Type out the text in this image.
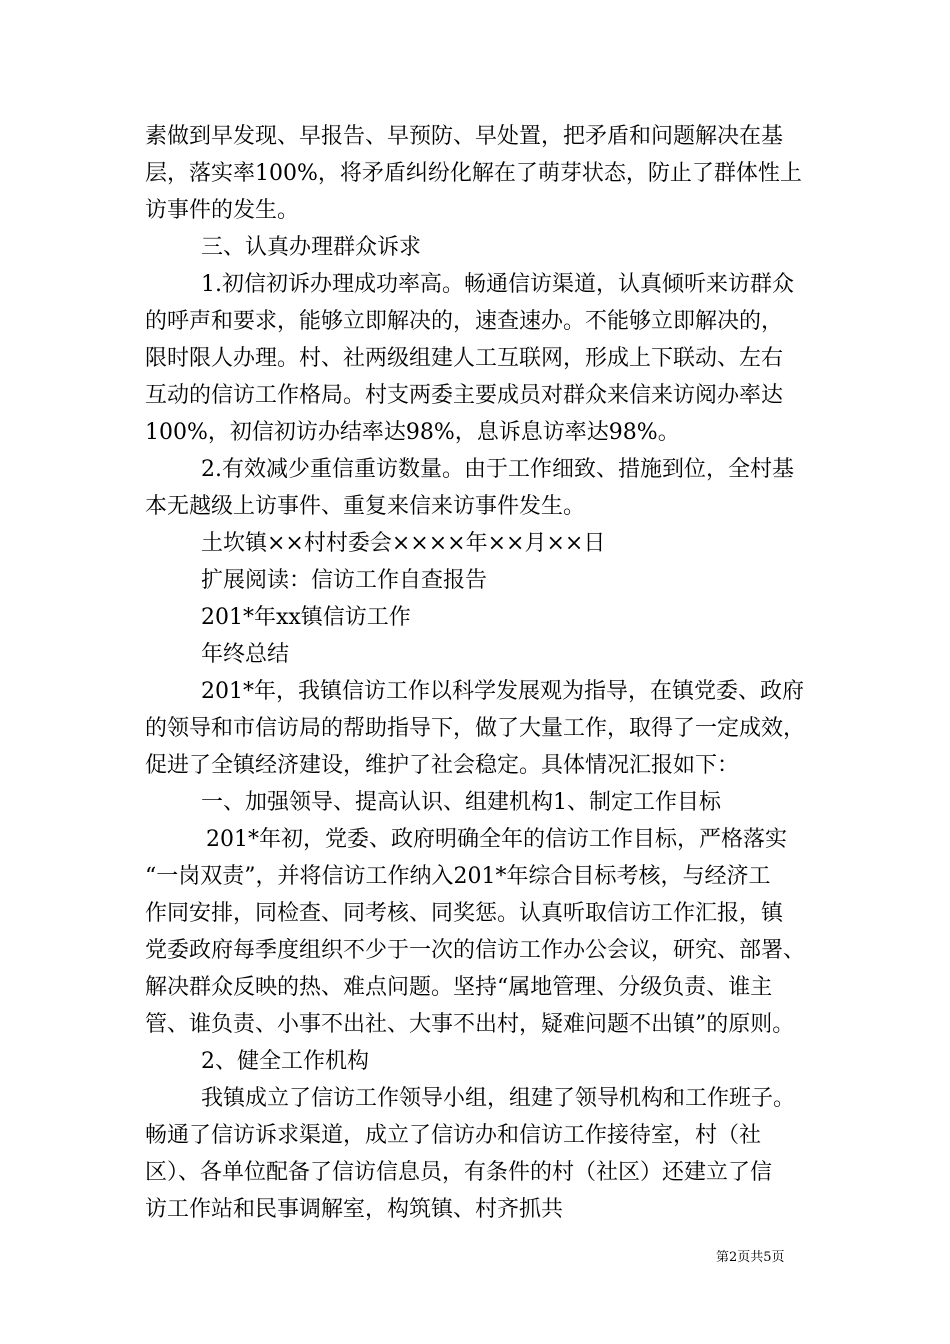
素做到早发现、早报告、早预防、早处置，把矛盾和问题解决在基
层，落实率100%，将矛盾纠纷化解在了萌芽状态，防止了群体性上
访事件的发生。
三、认真办理群众诉求
1.初信初诉办理成功率高。畅通信访渠道，认真倾听来访群众
的呼声和要求，能够立即解决的，速查速办。不能够立即解决的，
限时限人办理。村、社两级组建人工互联网，形成上下联动、左右
互动的信访工作格局。村支两委主要成员对群众来信来访阅办率达
100%，初信初访办结率达98%，息诉息访率达98%。
2.有效减少重信重访数量。由于工作细致、措施到位，全村基
本无越级上访事件、重复来信来访事件发生。
土坎镇××村村委会××××年××月××日
扩展阅读：信访工作自查报告
201*年xx镇信访工作
年终总结
201*年，我镇信访工作以科学发展观为指导，在镇党委、政府
的领导和市信访局的帮助指导下，做了大量工作，取得了一定成效，
促进了全镇经济建设，维护了社会稳定。具体情况汇报如下：
一、加强领导、提高认识、组建机构1、制定工作目标
201*年初，党委、政府明确全年的信访工作目标，严格落实
“一岗双责”，并将信访工作纳入201*年综合目标考核，与经济工
作同安排，同检查、同考核、同奖惩。认真听取信访工作汇报，镇
党委政府每季度组织不少于一次的信访工作办公会议，研究、部署、
解决群众反映的热、难点问题。坚持“属地管理、分级负责、谁主
管、谁负责、小事不出社、大事不出村，疑难问题不出镇”的原则。
2、健全工作机构
我镇成立了信访工作领导小组，组建了领导机构和工作班子。
畅通了信访诉求渠道，成立了信访办和信访工作接待室，村（社
区）、各单位配备了信访信息员，有条件的村（社区）还建立了信
访工作站和民事调解室，构筑镇、村齐抓共
第2页共5页
